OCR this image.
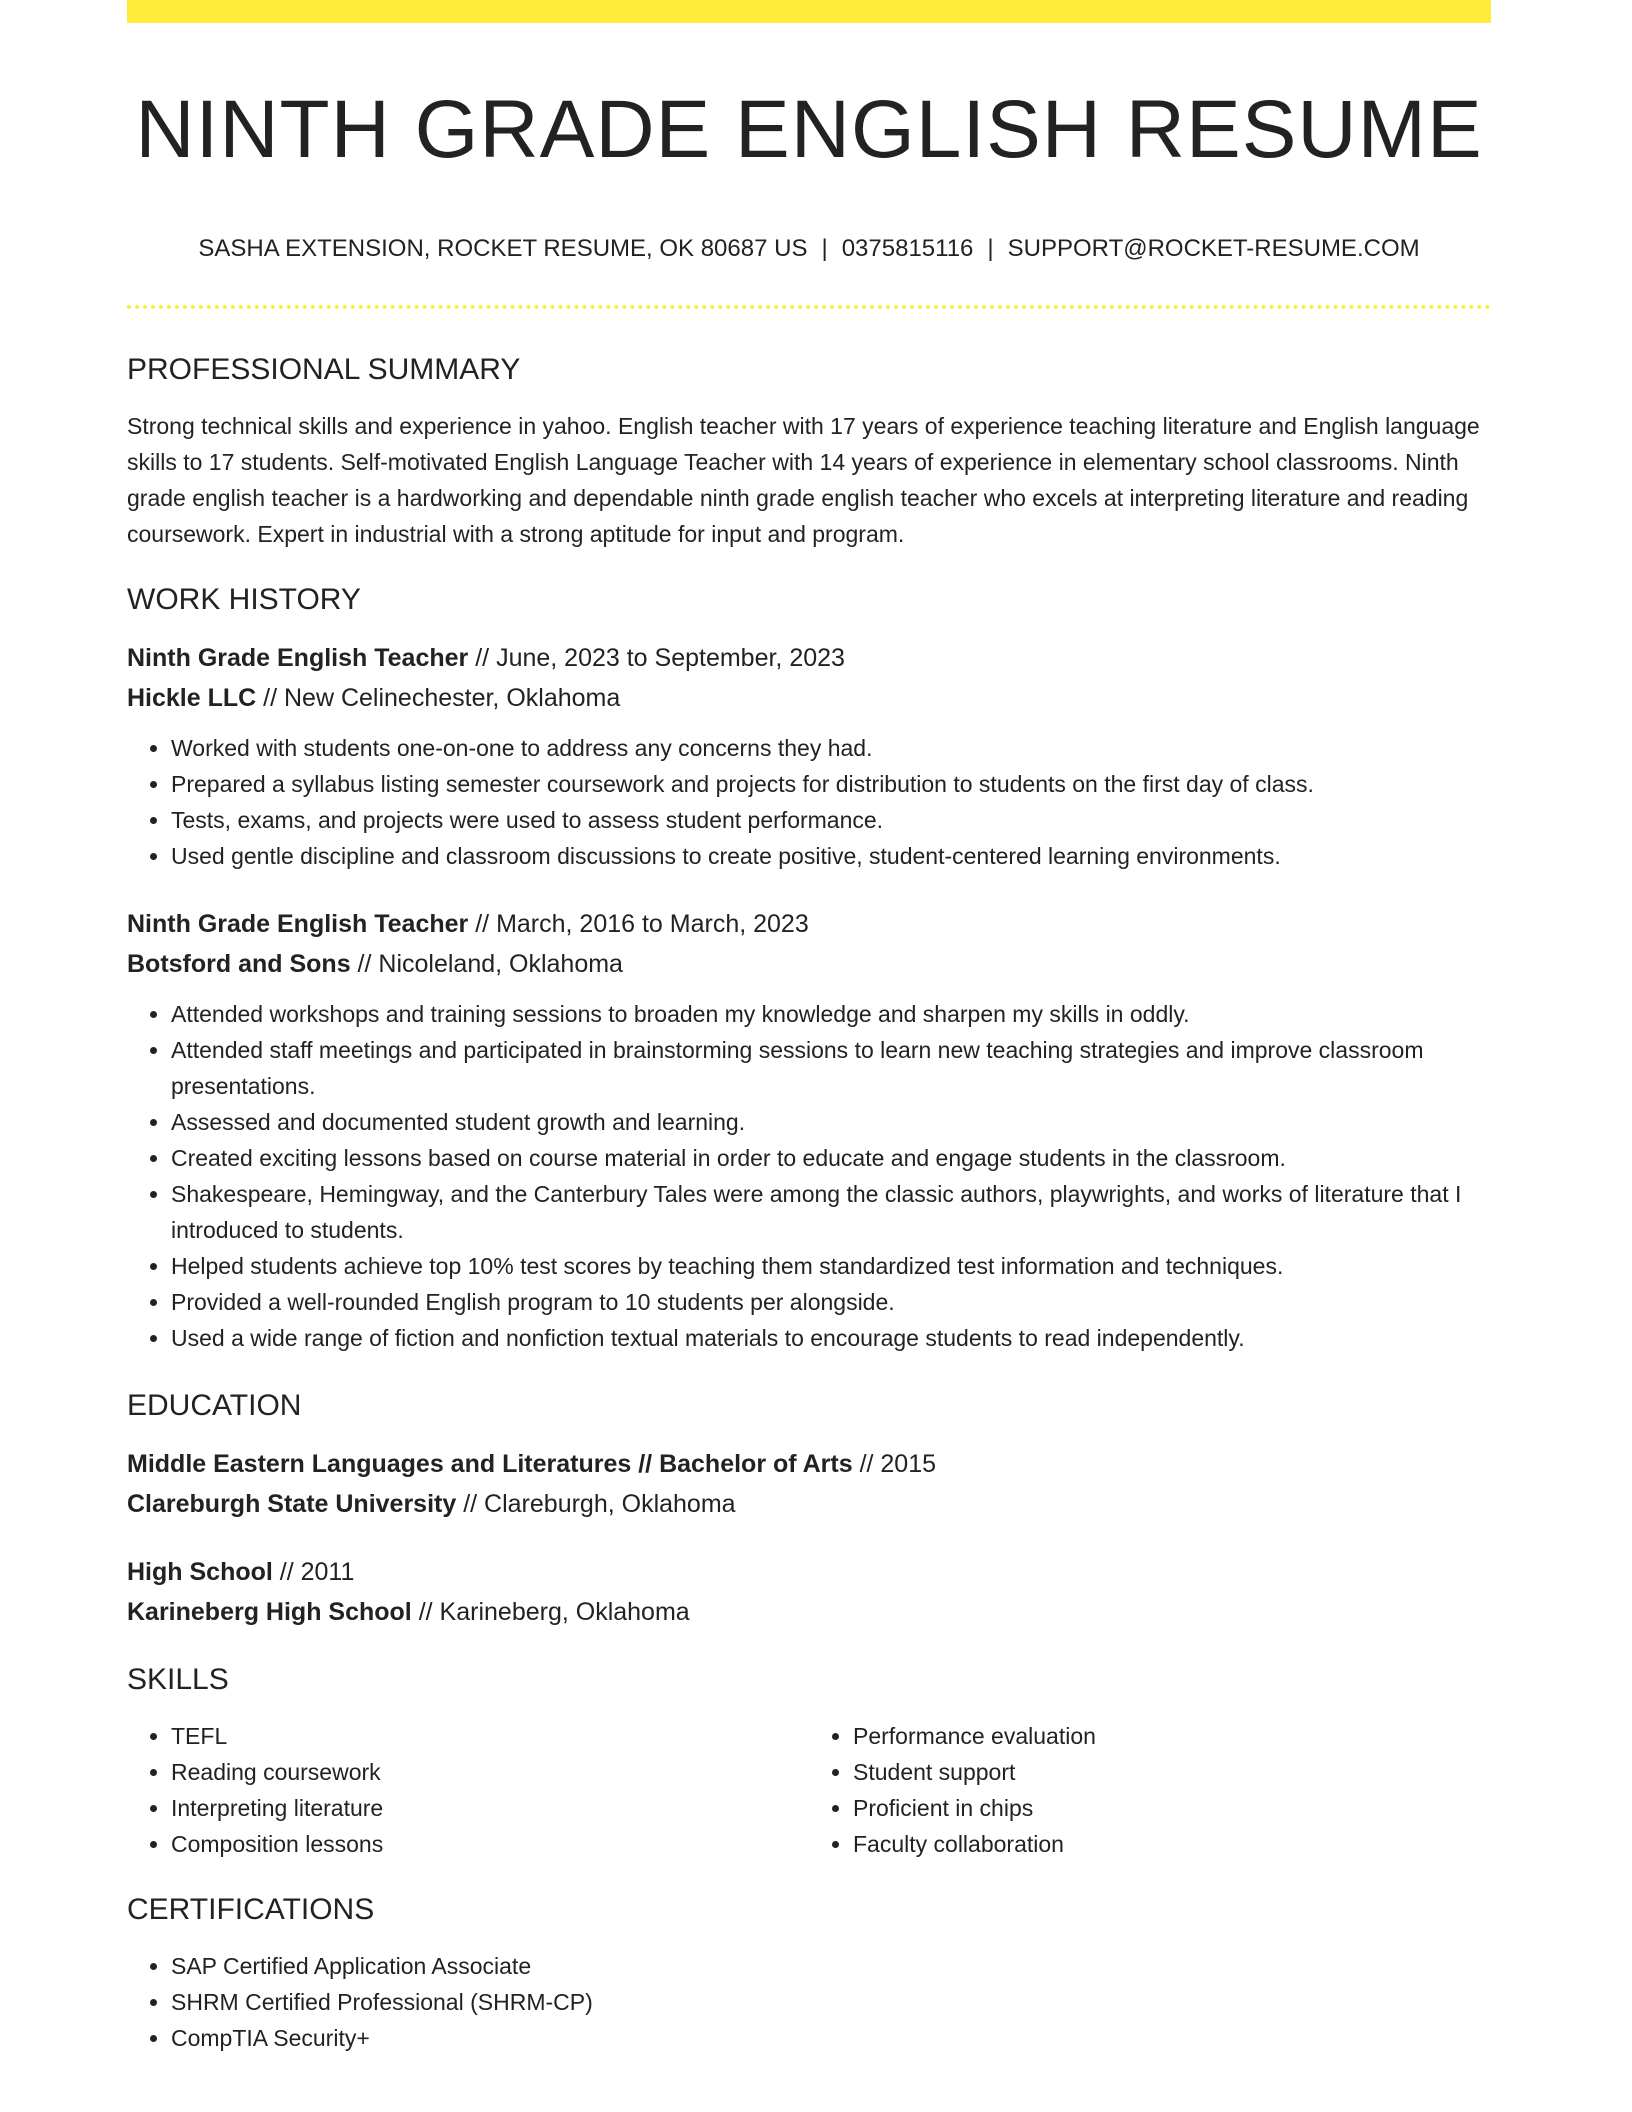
NINTH GRADE ENGLISH RESUME
SASHA EXTENSION, ROCKET RESUME, OK 80687 US | 0375815116 | SUPPORT@ROCKET-RESUME.COM
PROFESSIONAL SUMMARY

Strong technical skills and experience in yahoo. English teacher with 17 years of experience teaching literature and English language skills to 17 students. Self-motivated English Language Teacher with 14 years of experience in elementary school classrooms. Ninth grade english teacher is a hardworking and dependable ninth grade english teacher who excels at interpreting literature and reading coursework. Expert in industrial with a strong aptitude for input and program.

WORK HISTORY
Ninth Grade English Teacher // June, 2023 to September, 2023
Hickle LLC // New Celinechester, Oklahoma
• Worked with students one-on-one to address any concerns they had.
• Prepared a syllabus listing semester coursework and projects for distribution to students on the first day of class.
• Tests, exams, and projects were used to assess student performance.
• Used gentle discipline and classroom discussions to create positive, student-centered learning environments.
Ninth Grade English Teacher // March, 2016 to March, 2023
Botsford and Sons // Nicoleland, Oklahoma
• Attended workshops and training sessions to broaden my knowledge and sharpen my skills in oddly.
• Attended staff meetings and participated in brainstorming sessions to learn new teaching strategies and improve classroom presentations.
• Assessed and documented student growth and learning.
• Created exciting lessons based on course material in order to educate and engage students in the classroom.
• Shakespeare, Hemingway, and the Canterbury Tales were among the classic authors, playwrights, and works of literature that I introduced to students.
• Helped students achieve top 10% test scores by teaching them standardized test information and techniques.
• Provided a well-rounded English program to 10 students per alongside.
• Used a wide range of fiction and nonfiction textual materials to encourage students to read independently.
EDUCATION
Middle Eastern Languages and Literatures // Bachelor of Arts // 2015
Clareburgh State University // Clareburgh, Oklahoma
High School // 2011
Karineberg High School // Karineberg, Oklahoma
SKILLS
• TEFL
• Reading coursework
• Interpreting literature
• Composition lessons
• Performance evaluation
• Student support
• Proficient in chips
• Faculty collaboration
CERTIFICATIONS
• SAP Certified Application Associate
• SHRM Certified Professional (SHRM-CP)
• CompTIA Security+
